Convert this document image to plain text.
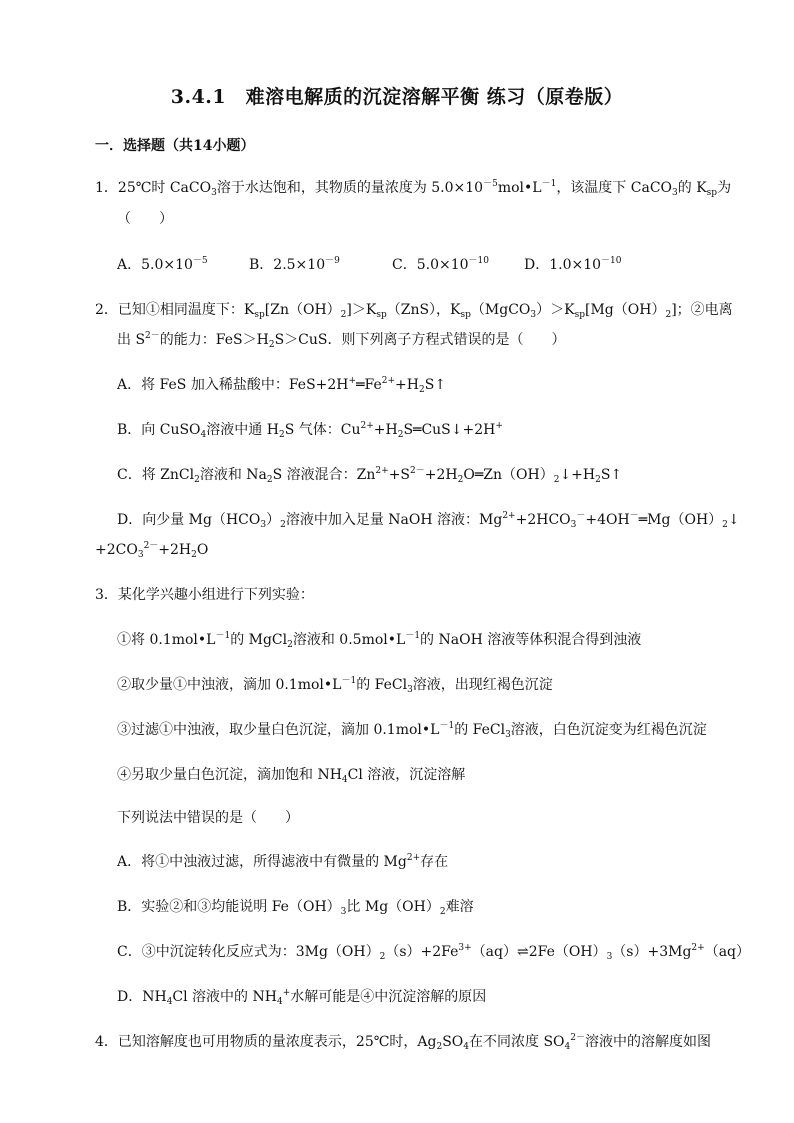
3.4.1　难溶电解质的沉淀溶解平衡 练习（原卷版）
一．选择题（共14小题）
1．25℃时 CaCO$_3$溶于水达饱和，其物质的量浓度为 $5.0\times 10^{-5}mol•L^{-1}$，该温度下 CaCO$_3$的 $K_{sp}$为
（　　）
A．$5.0\times 10^{-5}$	B．$2.5\times 10^{-9}$	C．$5.0\times 10^{-10}$	D．$1.0\times 10^{-10}$
2．已知①相同温度下：$K_{sp}[Zn(OH)_2]>K_{sp}(ZnS)$，$K_{sp}(MgCO_3)>K_{sp}[Mg(OH)_2]$；②电离
出 $S^{2-}$的能力：$FeS>H_2S>CuS$．则下列离子方程式错误的是（　　）
A．将 FeS 加入稀盐酸中：$FeS+2H^+═Fe^{2+}+H_2S↑$
B．向 CuSO$_4$溶液中通 $H_2S$ 气体：$Cu^{2+}+H_2S═CuS↓+2H^+$
C．将 ZnCl$_2$溶液和 $Na_2S$ 溶液混合：$Zn^{2+}+S^{2-}+2H_2O═Zn(OH)_2↓+H_2S↑$
D．向少量 $Mg(HCO_3)_2$溶液中加入足量 NaOH 溶液：$Mg^{2+}+2HCO_3^-+4OH^-═Mg(OH)_2↓$
$+2CO_3^{2-}+2H_2O$
3．某化学兴趣小组进行下列实验：
①将 $0.1mol•L^{-1}$的 MgCl$_2$溶液和 $0.5mol•L^{-1}$的 NaOH 溶液等体积混合得到浊液
②取少量①中浊液，滴加 $0.1mol•L^{-1}$的 FeCl$_3$溶液，出现红褐色沉淀
③过滤①中浊液，取少量白色沉淀，滴加 $0.1mol•L^{-1}$的 FeCl$_3$溶液，白色沉淀变为红褐色沉淀
④另取少量白色沉淀，滴加饱和 $NH_4Cl$ 溶液，沉淀溶解
下列说法中错误的是（　　）
A．将①中浊液过滤，所得滤液中有微量的 $Mg^{2+}$存在
B．实验②和③均能说明 $Fe(OH)_3$比 $Mg(OH)_2$难溶
C．③中沉淀转化反应式为：$3Mg(OH)_2(s)+2Fe^{3+}(aq)\rightleftharpoons 2Fe(OH)_3(s)+3Mg^{2+}(aq)$
D．$NH_4Cl$ 溶液中的 $NH_4^+$水解可能是④中沉淀溶解的原因
4．已知溶解度也可用物质的量浓度表示，25℃时，$Ag_2SO_4$在不同浓度 $SO_4^{2-}$溶液中的溶解度如图
